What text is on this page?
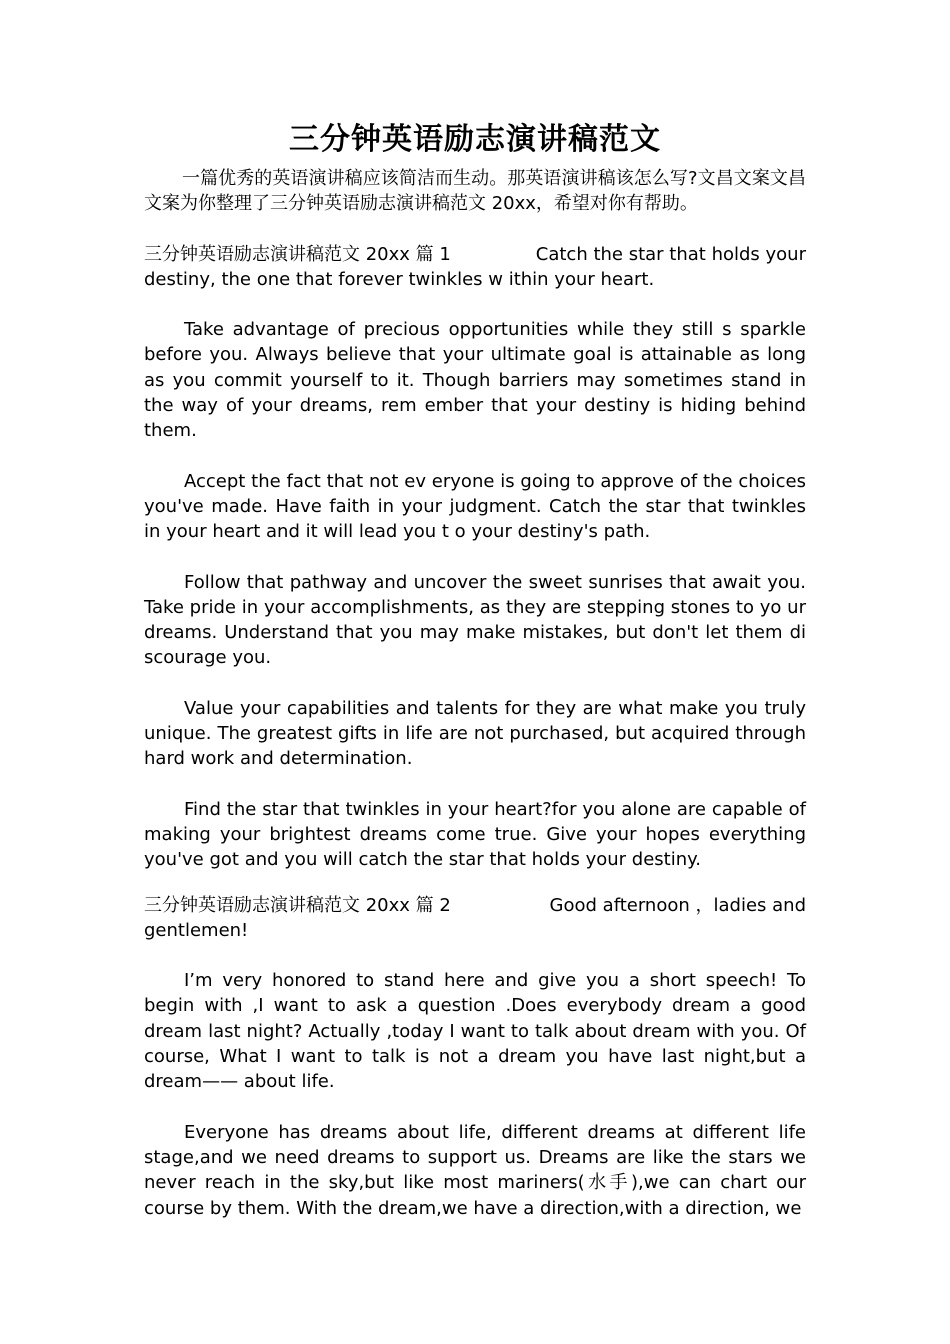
三分钟英语励志演讲稿范文

一篇优秀的英语演讲稿应该简洁而生动。那英语演讲稿该怎么写?文昌文案文昌文案为你整理了三分钟英语励志演讲稿范文 20xx，希望对你有帮助。

三分钟英语励志演讲稿范文 20xx 篇 1	Catch the star that holds your

destiny, the one that forever twinkles w ithin your heart.

Take advantage of precious opportunities while they still s sparkle before you. Always believe that your ultimate goal is attainable as long as you commit yourself to it. Though barriers may sometimes stand in the way of your dreams, rem ember that your destiny is hiding behind them.

Accept the fact that not ev eryone is going to approve of the choices you've made. Have faith in your judgment. Catch the star that twinkles in your heart and it will lead you t o your destiny's path.

Follow that pathway and uncover the sweet sunrises that await you. Take pride in your accomplishments, as they are stepping stones to yo ur dreams. Understand that you may make mistakes, but don't let them di scourage you.

Value your capabilities and talents for they are what make you truly unique. The greatest gifts in life are not purchased, but acquired through hard work and determination.

Find the star that twinkles in your heart?for you alone are capable of making your brightest dreams come true. Give your hopes everything you've got and you will catch the star that holds your destiny.

三分钟英语励志演讲稿范文 20xx 篇 2	Good afternoon ，ladies and

gentlemen!

I’m very honored to stand here and give you a short speech! To begin with ,I want to ask a question .Does everybody dream a good dream last night? Actually ,today I want to talk about dream with you. Of course, What I want to talk is not a dream you have last night,but a dream—— about life.

Everyone has dreams about life, different dreams at different life stage,and we need dreams to support us. Dreams are like the stars we never reach in the sky,but like most mariners(水手),we can chart our course by them. With the dream,we have a direction,with a direction, we
